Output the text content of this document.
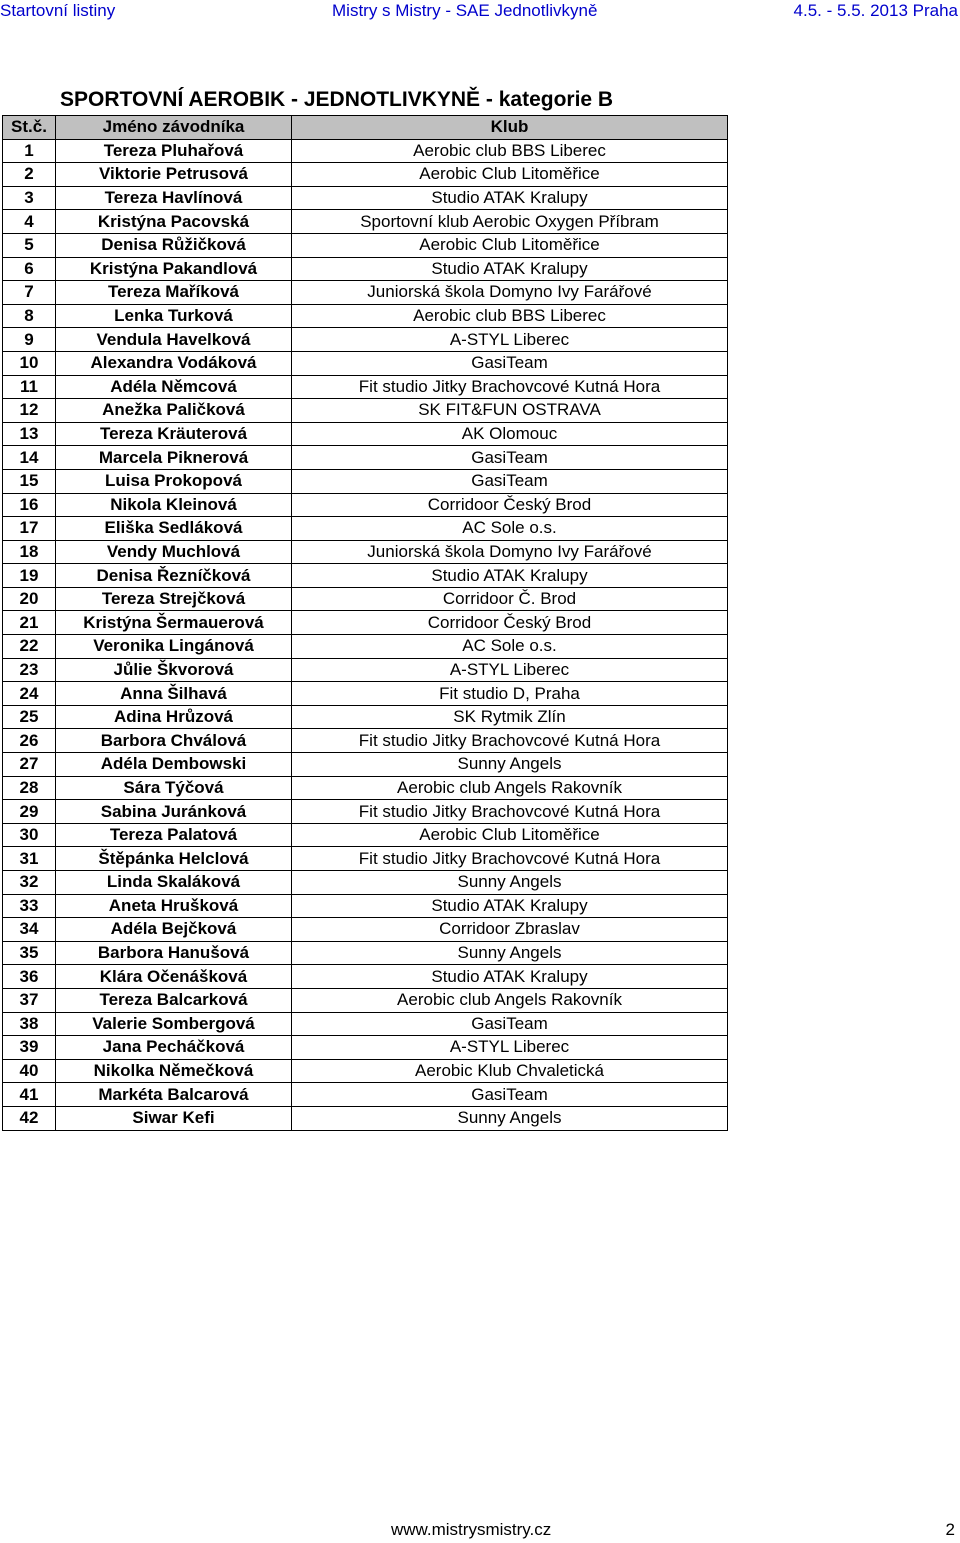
Startovní listiny	Mistry s Mistry - SAE Jednotlivkyně	4.5. - 5.5. 2013 Praha
SPORTOVNÍ AEROBIK - JEDNOTLIVKYNĚ - kategorie B
St.č.	Jméno závodníka	Klub
1	Tereza Pluhařová	Aerobic club BBS Liberec
2	Viktorie Petrusová	Aerobic Club Litoměřice
3	Tereza Havlínová	Studio ATAK Kralupy
4	Kristýna Pacovská	Sportovní klub Aerobic Oxygen Příbram
5	Denisa Růžičková	Aerobic Club Litoměřice
6	Kristýna Pakandlová	Studio ATAK Kralupy
7	Tereza Maříková	Juniorská škola Domyno Ivy Farářové
8	Lenka Turková	Aerobic club BBS Liberec
9	Vendula Havelková	A-STYL Liberec
10	Alexandra Vodáková	GasiTeam
11	Adéla Němcová	Fit studio Jitky Brachovcové Kutná Hora
12	Anežka Paličková	SK FIT&FUN OSTRAVA
13	Tereza Kräuterová	AK Olomouc
14	Marcela Piknerová	GasiTeam
15	Luisa Prokopová	GasiTeam
16	Nikola Kleinová	Corridoor Český Brod
17	Eliška Sedláková	AC Sole o.s.
18	Vendy Muchlová	Juniorská škola Domyno Ivy Farářové
19	Denisa Řezníčková	Studio ATAK Kralupy
20	Tereza Strejčková	Corridoor Č. Brod
21	Kristýna Šermauerová	Corridoor Český Brod
22	Veronika Lingánová	AC Sole o.s.
23	Jůlie Škvorová	A-STYL Liberec
24	Anna Šilhavá	Fit studio D, Praha
25	Adina Hrůzová	SK Rytmik Zlín
26	Barbora Chválová	Fit studio Jitky Brachovcové Kutná Hora
27	Adéla Dembowski	Sunny Angels
28	Sára Týčová	Aerobic club Angels Rakovník
29	Sabina Juránková	Fit studio Jitky Brachovcové Kutná Hora
30	Tereza Palatová	Aerobic Club Litoměřice
31	Štěpánka Helclová	Fit studio Jitky Brachovcové Kutná Hora
32	Linda Skaláková	Sunny Angels
33	Aneta Hrušková	Studio ATAK Kralupy
34	Adéla Bejčková	Corridoor Zbraslav
35	Barbora Hanušová	Sunny Angels
36	Klára Očenášková	Studio ATAK Kralupy
37	Tereza Balcarková	Aerobic club Angels Rakovník
38	Valerie Sombergová	GasiTeam
39	Jana Pecháčková	A-STYL Liberec
40	Nikolka Němečková	Aerobic Klub Chvaletická
41	Markéta Balcarová	GasiTeam
42	Siwar Kefi	Sunny Angels
www.mistrysmistry.cz	2
